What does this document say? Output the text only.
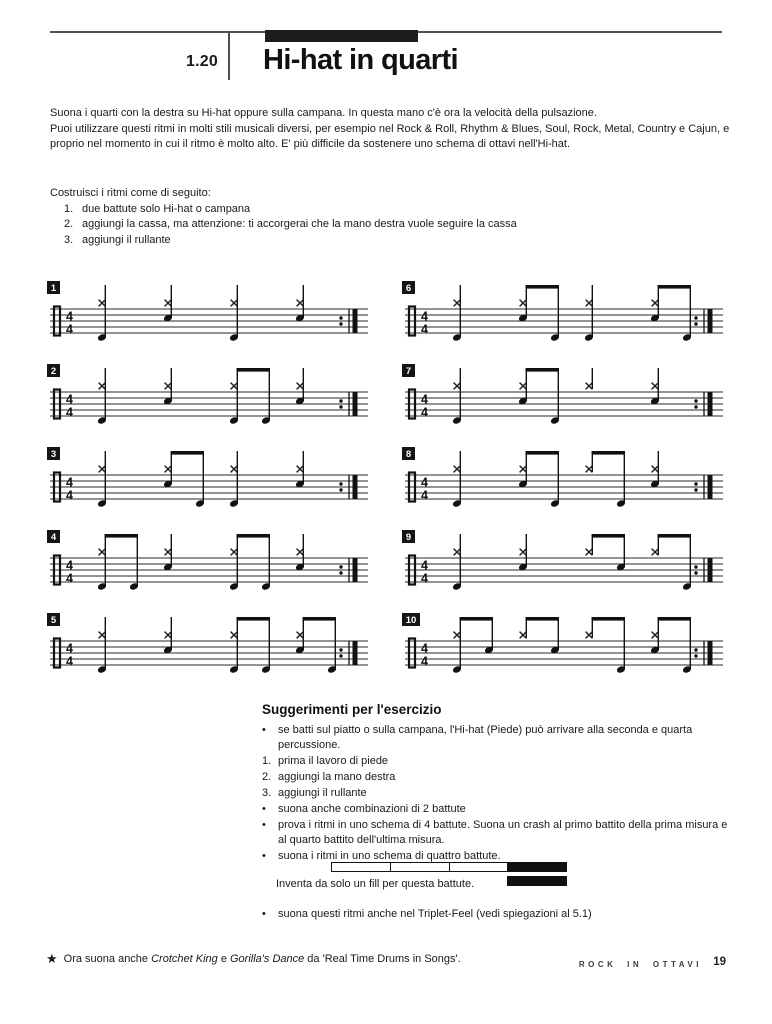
1.20 Hi-hat in quarti

Suona i quarti con la destra su Hi-hat oppure sulla campana. In questa mano c'è ora la velocità della pulsazione.

Puoi utilizzare questi ritmi in molti stili musicali diversi, per esempio nel Rock & Roll, Rhythm & Blues, Soul, Rock, Metal, Country e Cajun, e proprio nel momento in cui il ritmo è molto alto. E' più difficile da sostenere uno schema di ottavi nell'Hi-hat.

Costruisci i ritmi come di seguito:

1. due battute solo Hi-hat o campana
2. aggiungi la cassa, ma attenzione: ti accorgerai che la mano destra vuole seguire la cassa
3. aggiungi il rullante
1
4
4
2
4
4
3
4
4
4
4
4
5
4
4
6
4
4
7
4
4
8
4
4
9
4
4
10
4
4
Suggerimenti per l'esercizio
•	se batti sul piatto o sulla campana, l'Hi-hat (Piede) può arrivare alla seconda e quarta percussione.
1. prima il lavoro di piede
2. aggiungi la mano destra
3. aggiungi il rullante
•	suona anche combinazioni di 2 battute
•	prova i ritmi in uno schema di 4 battute. Suona un crash al primo battito della prima misura e al quarto battito dell'ultima misura.
•	suona i ritmi in uno schema di quattro battute.
Inventa da solo un fill per questa battute.
•	suona questi ritmi anche nel Triplet-Feel (vedi spiegazioni al 5.1)
★ Ora suona anche Crotchet King e Gorilla's Dance da 'Real Time Drums in Songs'.	ROCK IN OTTAVI 19
